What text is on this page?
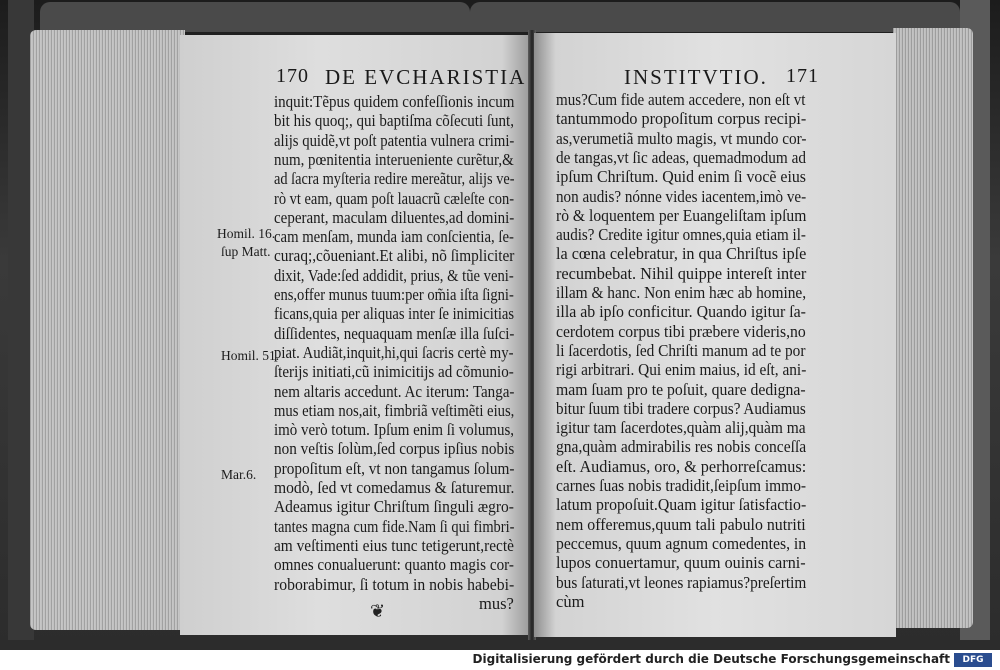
170 DE EVCHARISTIA
inquit:Tẽpus quidem confeſſionis incum
bit his quoq;, qui baptiſma cõſecuti ſunt,
alijs quidẽ,vt poſt patentia vulnera crimi-
num, pœnitentia interueniente curẽtur,&
ad ſacra myſteria redire mereãtur, alijs ve-
rò vt eam, quam poſt lauacrũ cæleſte con-
ceperant, maculam diluentes,ad domini-
cam menſam, munda iam conſcientia, ſe-
curaq;,cõueniant.Et alibi, nõ ſimpliciter
dixit, Vade:ſed addidit, prius, & tũe veni-
ens,offer munus tuum:per om̃ia iſta ſigni-
ficans,quia per aliquas inter ſe inimicitias
diſſidentes, nequaquam menſæ illa ſuſci-
piat. Audiãt,inquit,hi,qui ſacris certè my-
ſterijs initiati,cũ inimicitijs ad cõmunio-
nem altaris accedunt. Ac iterum: Tanga-
mus etiam nos,ait, fimbriã veſtimẽti eius,
imò verò totum. Ipſum enim ſi volumus,
non veſtis ſolùm,ſed corpus ipſius nobis
propoſitum eſt, vt non tangamus ſolum-
modò, ſed vt comedamus & ſaturemur.
Adeamus igitur Chriſtum ſinguli ægro-
tantes magna cum fide.Nam ſi qui fimbri-
am veſtimenti eius tunc tetigerunt,rectè
omnes conualuerunt: quanto magis cor-
roborabimur, ſi totum in nobis habebi-
mus?
Homil. 16.
ſup Matt.
Homil. 51.
Mar.6.
❦
INSTITVTIO. 171
mus?Cum fide autem accedere, non eſt vt
tantummodo propoſitum corpus recipi-
as,verumetiã multo magis, vt mundo cor-
de tangas,vt ſic adeas, quemadmodum ad
ipſum Chriſtum. Quid enim ſi vocẽ eius
non audis? nónne vides iacentem,imò ve-
rò & loquentem per Euangeliſtam ipſum
audis? Credite igitur omnes,quia etiam il-
la cœna celebratur, in qua Chriſtus ipſe
recumbebat. Nihil quippe intereſt inter
illam & hanc. Non enim hæc ab homine,
illa ab ipſo conficitur. Quando igitur ſa-
cerdotem corpus tibi præbere videris,no
li ſacerdotis, ſed Chriſti manum ad te por
rigi arbitrari. Qui enim maius, id eſt, ani-
mam ſuam pro te poſuit, quare dedigna-
bitur ſuum tibi tradere corpus? Audiamus
igitur tam ſacerdotes,quàm alij,quàm ma
gna,quàm admirabilis res nobis conceſſa
eſt. Audiamus, oro, & perhorreſcamus:
carnes ſuas nobis tradidit,ſeipſum immo-
latum propoſuit.Quam igitur ſatisfactio-
nem offeremus,quum tali pabulo nutriti
peccemus, quum agnum comedentes, in
lupos conuertamur, quum ouinis carni-
bus ſaturati,vt leones rapiamus?preſertim
cùm
Digitalisierung gefördert durch die Deutsche Forschungsgemeinschaft	DFG
